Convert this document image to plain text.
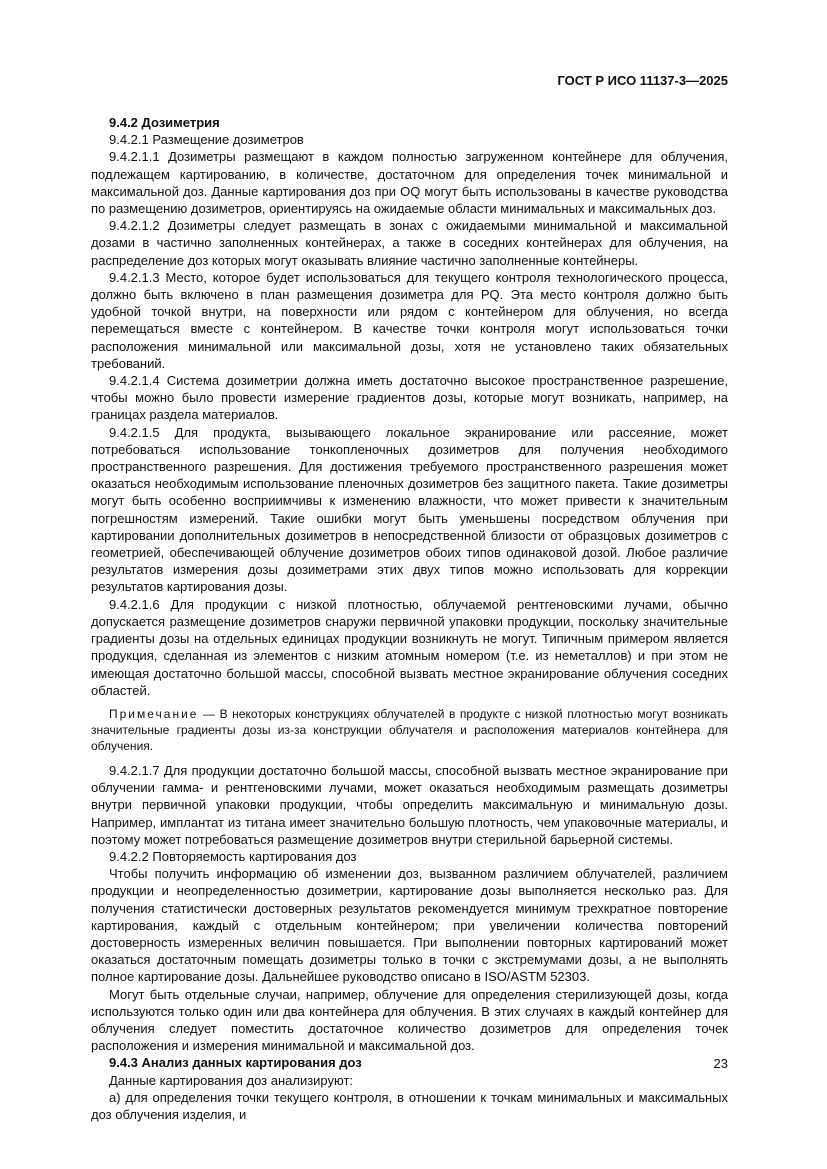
ГОСТ Р ИСО 11137-3—2025

9.4.2 Дозиметрия

9.4.2.1 Размещение дозиметров

9.4.2.1.1 Дозиметры размещают в каждом полностью загруженном контейнере для облучения, подлежащем картированию, в количестве, достаточном для определения точек минимальной и максимальной доз. Данные картирования доз при OQ могут быть использованы в качестве руководства по размещению дозиметров, ориентируясь на ожидаемые области минимальных и максимальных доз.

9.4.2.1.2 Дозиметры следует размещать в зонах с ожидаемыми минимальной и максимальной дозами в частично заполненных контейнерах, а также в соседних контейнерах для облучения, на распределение доз которых могут оказывать влияние частично заполненные контейнеры.

9.4.2.1.3 Место, которое будет использоваться для текущего контроля технологического процесса, должно быть включено в план размещения дозиметра для PQ. Эта место контроля должно быть удобной точкой внутри, на поверхности или рядом с контейнером для облучения, но всегда перемещаться вместе с контейнером. В качестве точки контроля могут использоваться точки расположения минимальной или максимальной дозы, хотя не установлено таких обязательных требований.

9.4.2.1.4 Система дозиметрии должна иметь достаточно высокое пространственное разрешение, чтобы можно было провести измерение градиентов дозы, которые могут возникать, например, на границах раздела материалов.

9.4.2.1.5 Для продукта, вызывающего локальное экранирование или рассеяние, может потребоваться использование тонкопленочных дозиметров для получения необходимого пространственного разрешения. Для достижения требуемого пространственного разрешения может оказаться необходимым использование пленочных дозиметров без защитного пакета. Такие дозиметры могут быть особенно восприимчивы к изменению влажности, что может привести к значительным погрешностям измерений. Такие ошибки могут быть уменьшены посредством облучения при картировании дополнительных дозиметров в непосредственной близости от образцовых дозиметров с геометрией, обеспечивающей облучение дозиметров обоих типов одинаковой дозой. Любое различие результатов измерения дозы дозиметрами этих двух типов можно использовать для коррекции результатов картирования дозы.

9.4.2.1.6 Для продукции с низкой плотностью, облучаемой рентгеновскими лучами, обычно допускается размещение дозиметров снаружи первичной упаковки продукции, поскольку значительные градиенты дозы на отдельных единицах продукции возникнуть не могут. Типичным примером является продукция, сделанная из элементов с низким атомным номером (т.е. из неметаллов) и при этом не имеющая достаточно большой массы, способной вызвать местное экранирование облучения соседних областей.

Примечание — В некоторых конструкциях облучателей в продукте с низкой плотностью могут возникать значительные градиенты дозы из-за конструкции облучателя и расположения материалов контейнера для облучения.

9.4.2.1.7 Для продукции достаточно большой массы, способной вызвать местное экранирование при облучении гамма- и рентгеновскими лучами, может оказаться необходимым размещать дозиметры внутри первичной упаковки продукции, чтобы определить максимальную и минимальную дозы. Например, имплантат из титана имеет значительно большую плотность, чем упаковочные материалы, и поэтому может потребоваться размещение дозиметров внутри стерильной барьерной системы.

9.4.2.2 Повторяемость картирования доз

Чтобы получить информацию об изменении доз, вызванном различием облучателей, различием продукции и неопределенностью дозиметрии, картирование дозы выполняется несколько раз. Для получения статистически достоверных результатов рекомендуется минимум трехкратное повторение картирования, каждый с отдельным контейнером; при увеличении количества повторений достоверность измеренных величин повышается. При выполнении повторных картирований может оказаться достаточным помещать дозиметры только в точки с экстремумами дозы, а не выполнять полное картирование дозы. Дальнейшее руководство описано в ISO/ASTM 52303.

Могут быть отдельные случаи, например, облучение для определения стерилизующей дозы, когда используются только один или два контейнера для облучения. В этих случаях в каждый контейнер для облучения следует поместить достаточное количество дозиметров для определения точек расположения и измерения минимальной и максимальной доз.

9.4.3 Анализ данных картирования доз

Данные картирования доз анализируют:

а) для определения точки текущего контроля, в отношении к точкам минимальных и максимальных доз облучения изделия, и

23
